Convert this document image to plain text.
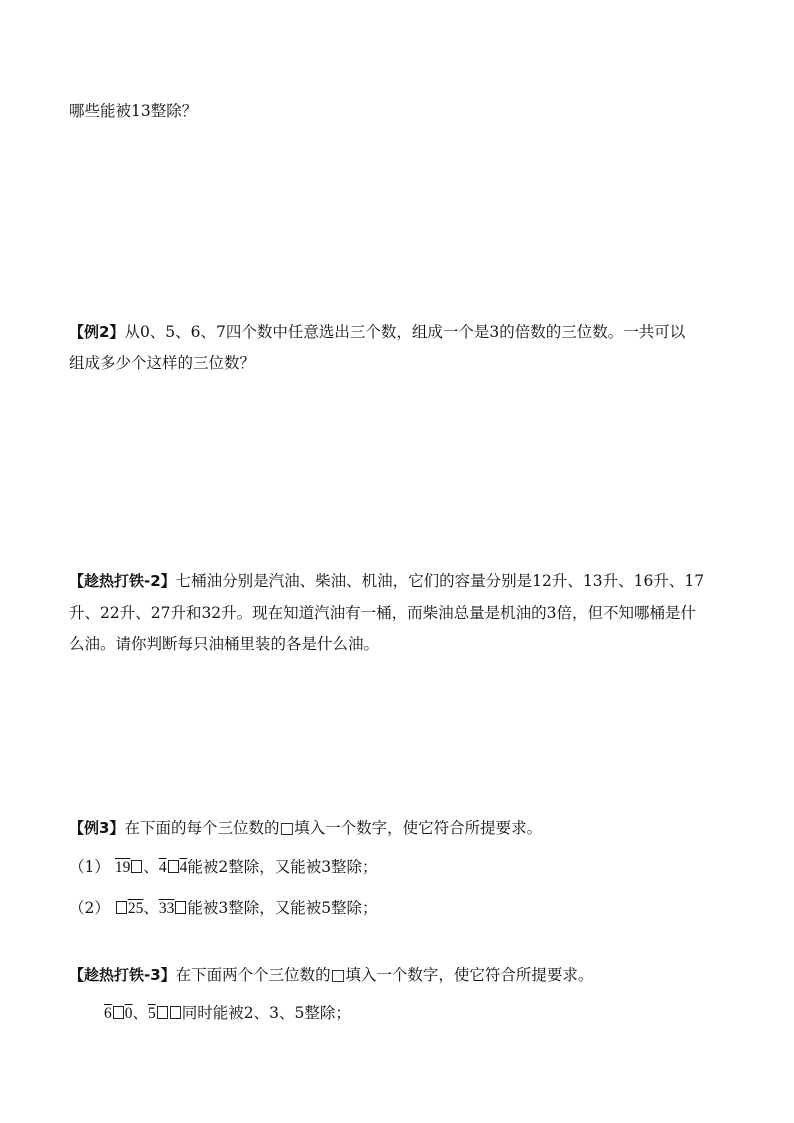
哪些能被13整除？
【例2】从0、5、6、7四个数中任意选出三个数，组成一个是3的倍数的三位数。一共可以
组成多少个这样的三位数？
【趁热打铁-2】七桶油分别是汽油、柴油、机油，它们的容量分别是12升、13升、16升、17
升、22升、27升和32升。现在知道汽油有一桶，而柴油总量是机油的3倍，但不知哪桶是什
么油。请你判断每只油桶里装的各是什么油。
【例3】在下面的每个三位数的□填入一个数字，使它符合所提要求。
（1） 19 、4 4能被2整除，又能被3整除；
（2） 25、33 能被3整除，又能被5整除；
【趁热打铁-3】在下面两个个三位数的□填入一个数字，使它符合所提要求。
6 0、5 同时能被2、3、5整除；
